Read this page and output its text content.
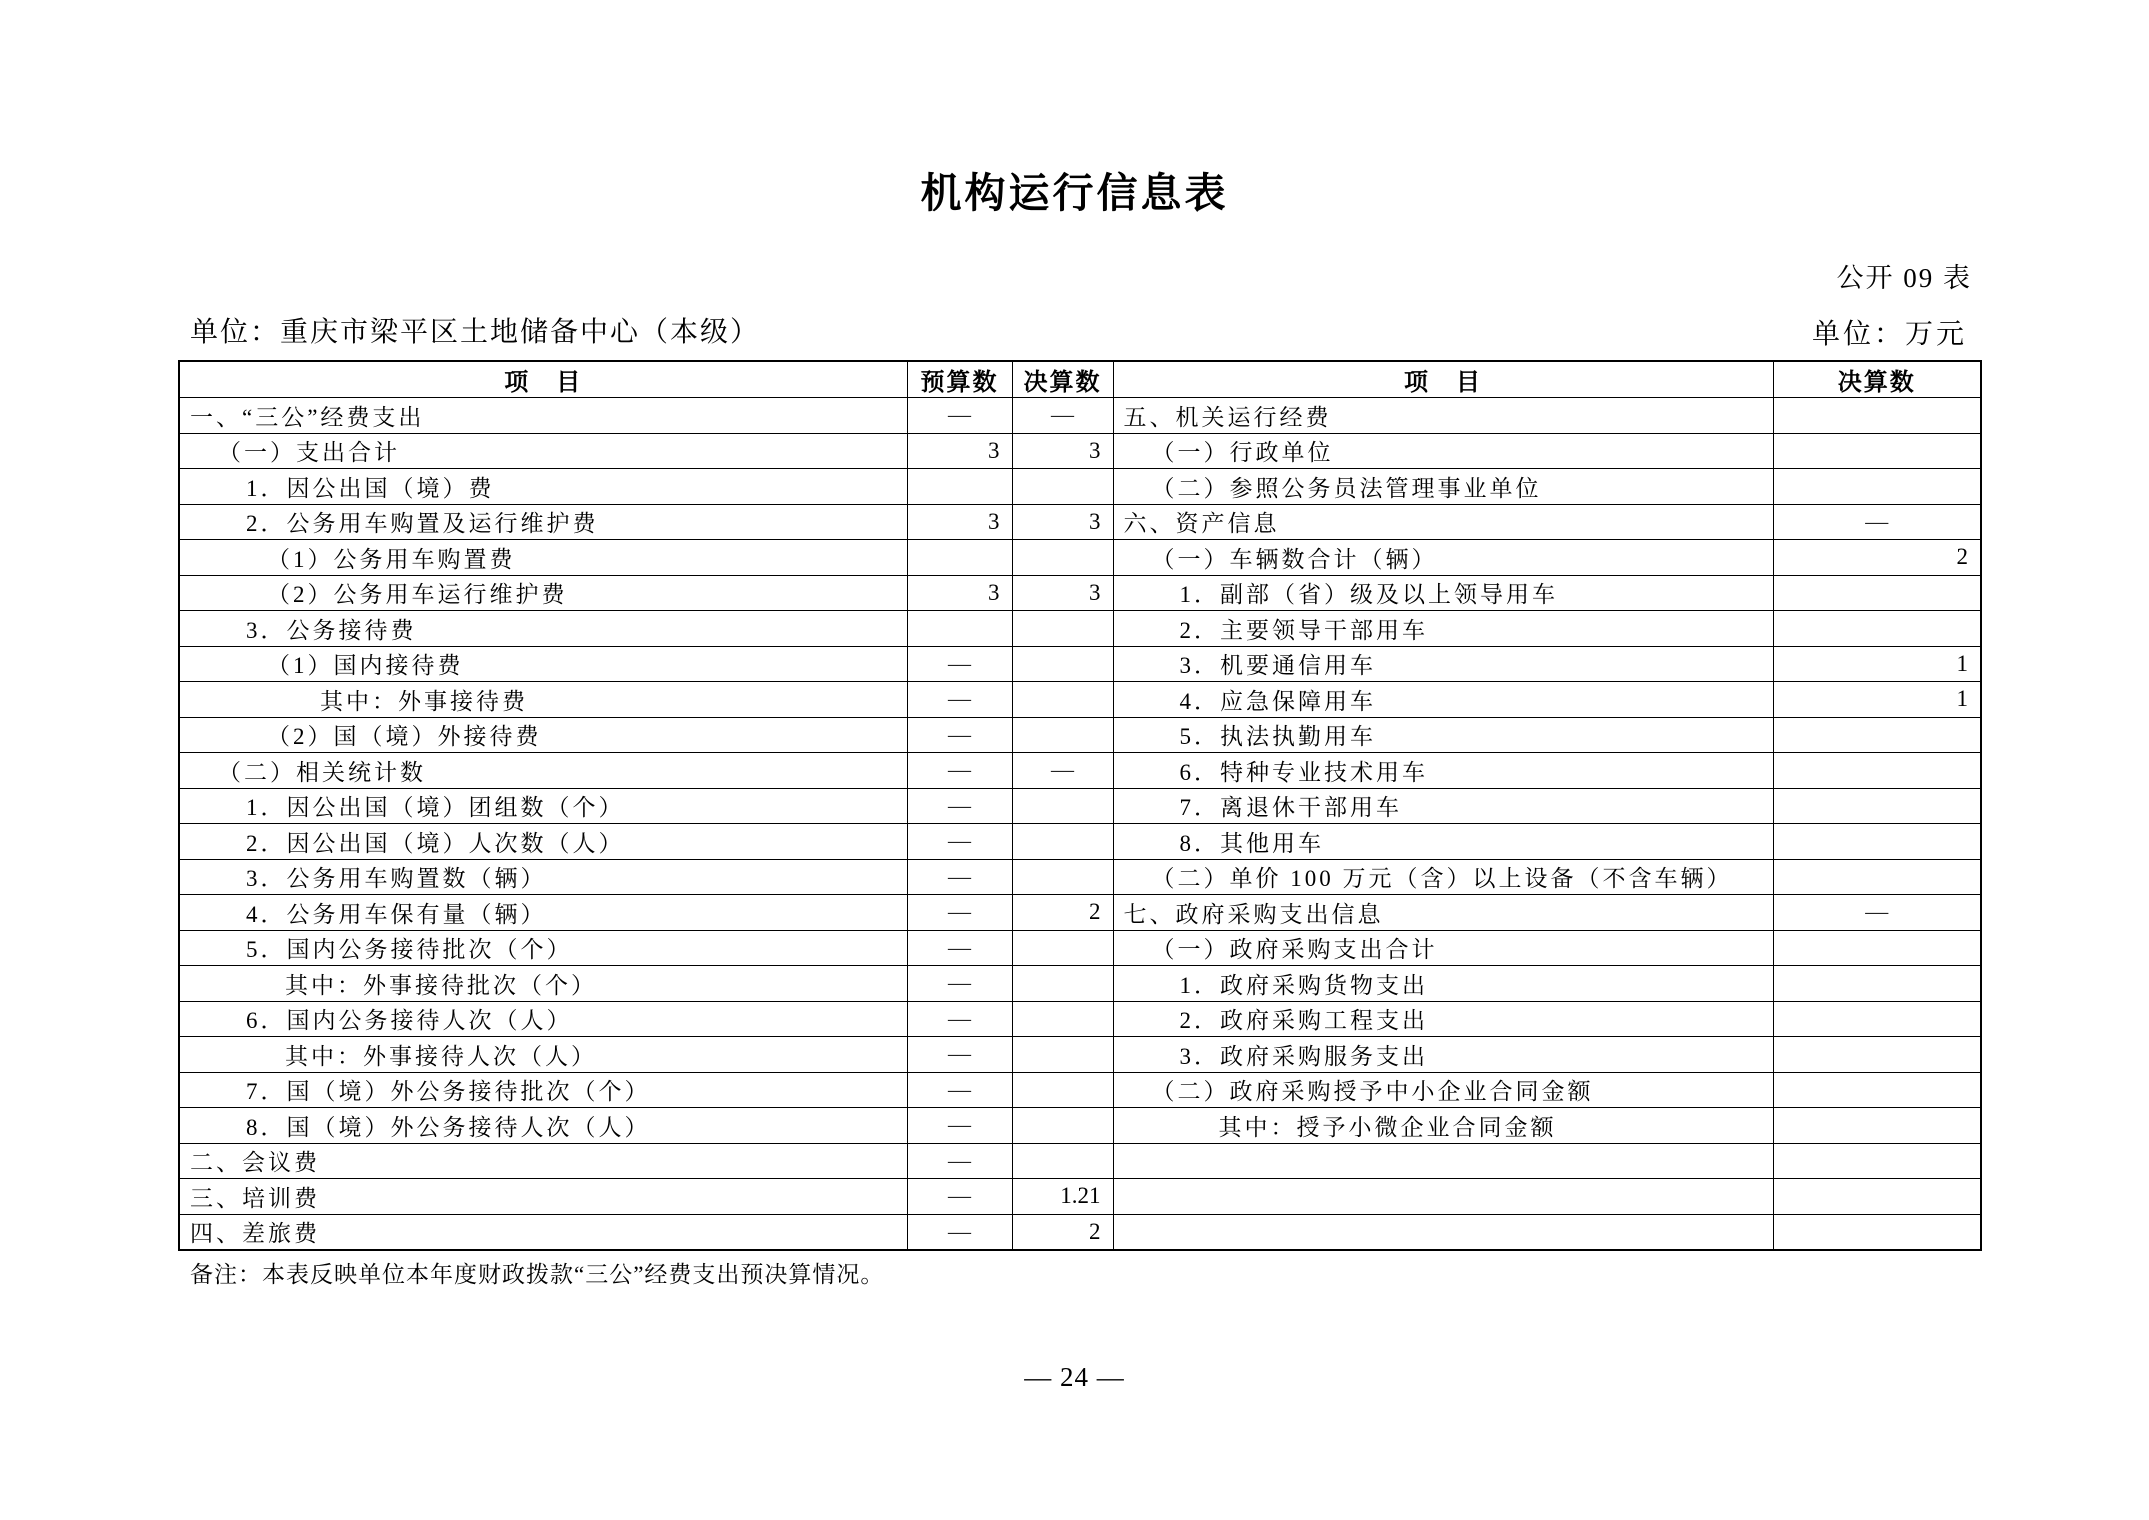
机构运行信息表
公开 09 表
单位：重庆市梁平区土地储备中心（本级）	单位：万元
项　目	预算数	决算数	项　目	决算数
一、“三公”经费支出	—	—	五、机关运行经费	
（一）支出合计	3	3	（一）行政单位	
1．因公出国（境）费			（二）参照公务员法管理事业单位	
2．公务用车购置及运行维护费	3	3	六、资产信息	—
（1）公务用车购置费			（一）车辆数合计（辆）	2
（2）公务用车运行维护费	3	3	1．副部（省）级及以上领导用车	
3．公务接待费			2．主要领导干部用车	
（1）国内接待费	—		3．机要通信用车	1
其中：外事接待费	—		4．应急保障用车	1
（2）国（境）外接待费	—		5．执法执勤用车	
（二）相关统计数	—	—	6．特种专业技术用车	
1．因公出国（境）团组数（个）	—		7．离退休干部用车	
2．因公出国（境）人次数（人）	—		8．其他用车	
3．公务用车购置数（辆）	—		（二）单价 100 万元（含）以上设备（不含车辆）	
4．公务用车保有量（辆）	—	2	七、政府采购支出信息	—
5．国内公务接待批次（个）	—		（一）政府采购支出合计	
其中：外事接待批次（个）	—		1．政府采购货物支出	
6．国内公务接待人次（人）	—		2．政府采购工程支出	
其中：外事接待人次（人）	—		3．政府采购服务支出	
7．国（境）外公务接待批次（个）	—		（二）政府采购授予中小企业合同金额	
8．国（境）外公务接待人次（人）	—		其中：授予小微企业合同金额	
二、会议费	—			
三、培训费	—	1.21		
四、差旅费	—	2		
备注：本表反映单位本年度财政拨款“三公”经费支出预决算情况。
— 24 —
